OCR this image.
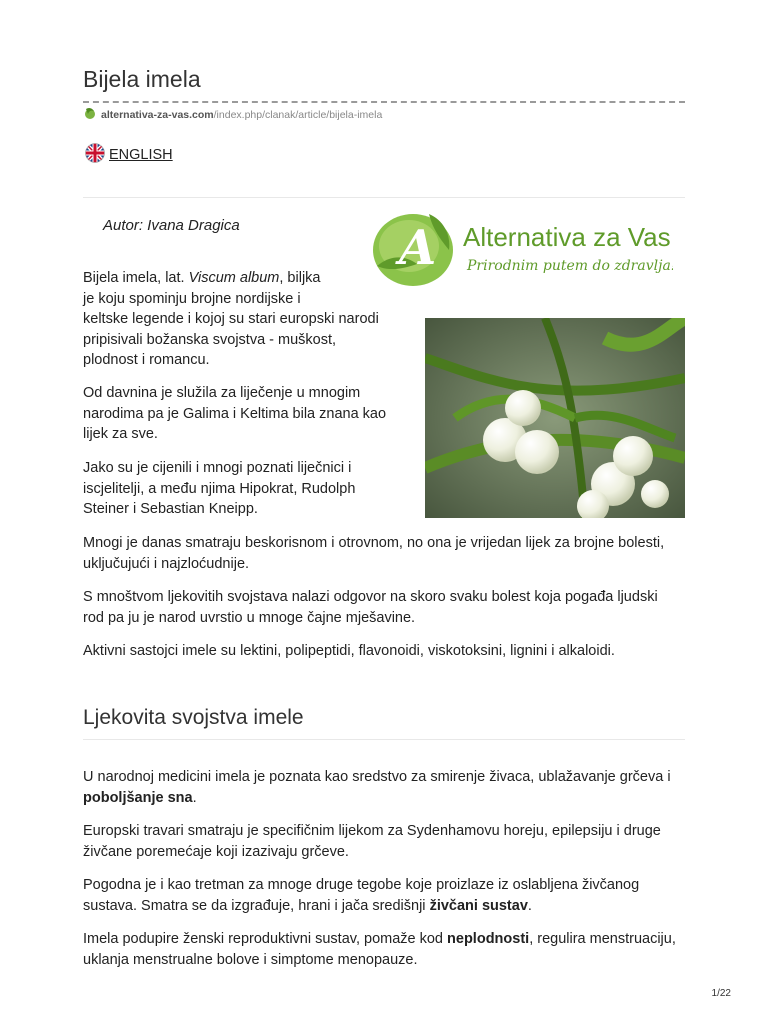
Bijela imela
alternativa-za-vas.com/index.php/clanak/article/bijela-imela
ENGLISH
Autor: Ivana Dragica	A Alternativa za Vas
Prirodnim putem do zdravlja!

Bijela imela, lat. Viscum album, biljka
je koju spominju brojne nordijske i
keltske legende i kojoj su stari europski narodi
pripisivali božanska svojstva - muškost,
plodnost i romancu.

Od davnina je služila za liječenje u mnogim
narodima pa je Galima i Keltima bila znana kao
lijek za sve.

Jako su je cijenili i mnogi poznati liječnici i
iscjelitelji, a među njima Hipokrat, Rudolph
Steiner i Sebastian Kneipp.

Mnogi je danas smatraju beskorisnom i otrovnom, no ona je vrijedan lijek za brojne bolesti,
uključujući i najzloćudnije.

S mnoštvom ljekovitih svojstava nalazi odgovor na skoro svaku bolest koja pogađa ljudski
rod pa ju je narod uvrstio u mnoge čajne mješavine.

Aktivni sastojci imele su lektini, polipeptidi, flavonoidi, viskotoksini, lignini i alkaloidi.

Ljekovita svojstva imele

U narodnoj medicini imela je poznata kao sredstvo za smirenje živaca, ublažavanje grčeva i
poboljšanje sna.

Europski travari smatraju je specifičnim lijekom za Sydenhamovu horeju, epilepsiju i druge
živčane poremećaje koji izazivaju grčeve.

Pogodna je i kao tretman za mnoge druge tegobe koje proizlaze iz oslabljena živčanog
sustava. Smatra se da izgrađuje, hrani i jača središnji živčani sustav.

Imela podupire ženski reproduktivni sustav, pomaže kod neplodnosti, regulira menstruaciju,
uklanja menstrualne bolove i simptome menopauze.

1/22
